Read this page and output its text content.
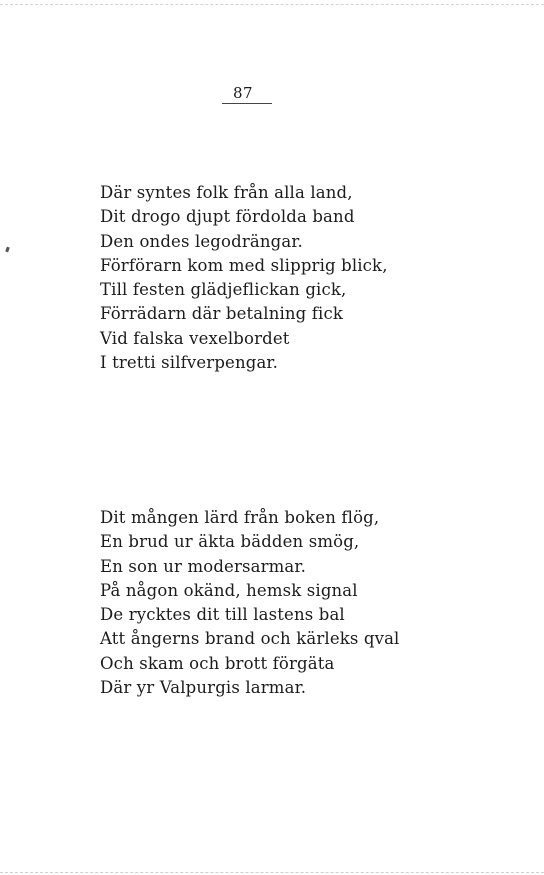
87
Där syntes folk från alla land,
Dit drogo djupt fördolda band
Den ondes legodrängar.
Förförarn kom med slipprig blick,
Till festen glädjeflickan gick,
Förrädarn där betalning fick
Vid falska vexelbordet
I tretti silfverpengar.
Dit mången lärd från boken flög,
En brud ur äkta bädden smög,
En son ur modersarmar.
På någon okänd, hemsk signal
De rycktes dit till lastens bal
Att ångerns brand och kärleks qval
Och skam och brott förgäta
Där yr Valpurgis larmar.
